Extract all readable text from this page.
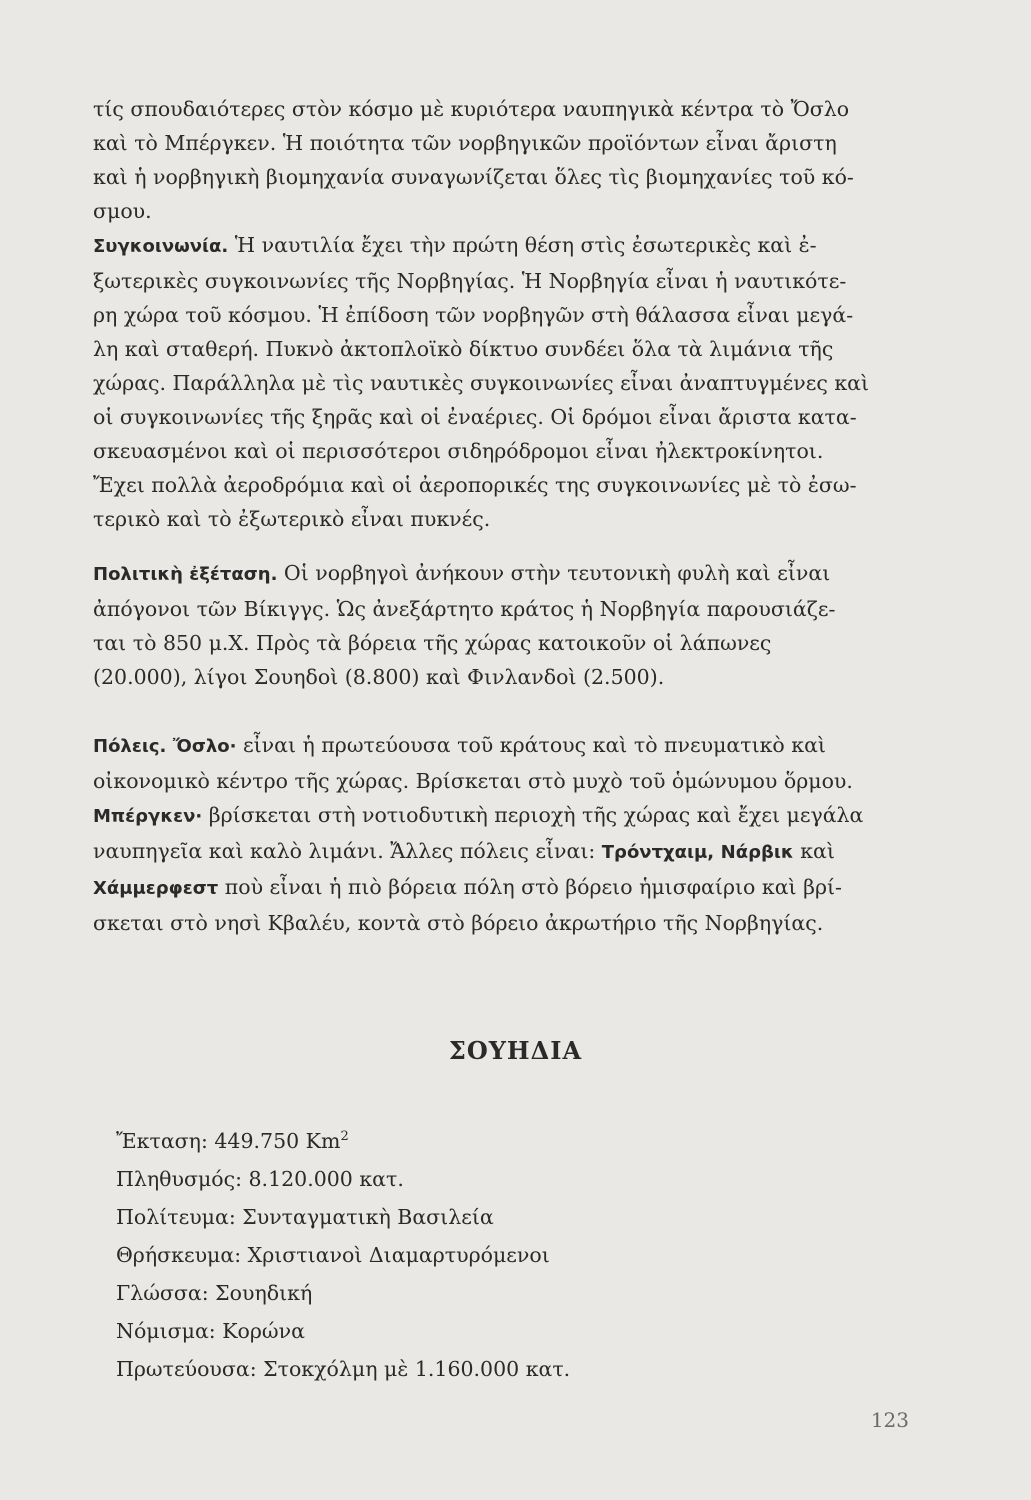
τίς σπουδαιότερες στὸν κόσμο μὲ κυριότερα ναυπηγικὰ κέντρα τὸ Ὄσλο
καὶ τὸ Μπέργκεν. Ἡ ποιότητα τῶν νορβηγικῶν προϊόντων εἶναι ἄριστη
καὶ ἡ νορβηγικὴ βιομηχανία συναγωνίζεται ὅλες τὶς βιομηχανίες τοῦ κό-
σμου.

Συγκοινωνία. Ἡ ναυτιλία ἔχει τὴν πρώτη θέση στὶς ἐσωτερικὲς καὶ ἐ-
ξωτερικὲς συγκοινωνίες τῆς Νορβηγίας. Ἡ Νορβηγία εἶναι ἡ ναυτικότε-
ρη χώρα τοῦ κόσμου. Ἡ ἐπίδοση τῶν νορβηγῶν στὴ θάλασσα εἶναι μεγά-
λη καὶ σταθερή. Πυκνὸ ἀκτοπλοϊκὸ δίκτυο συνδέει ὅλα τὰ λιμάνια τῆς
χώρας. Παράλληλα μὲ τὶς ναυτικὲς συγκοινωνίες εἶναι ἀναπτυγμένες καὶ
οἱ συγκοινωνίες τῆς ξηρᾶς καὶ οἱ ἐναέριες. Οἱ δρόμοι εἶναι ἄριστα κατα-
σκευασμένοι καὶ οἱ περισσότεροι σιδηρόδρομοι εἶναι ἠλεκτροκίνητοι.
Ἔχει πολλὰ ἀεροδρόμια καὶ οἱ ἀεροπορικές της συγκοινωνίες μὲ τὸ ἐσω-
τερικὸ καὶ τὸ ἐξωτερικὸ εἶναι πυκνές.

Πολιτικὴ ἐξέταση. Οἱ νορβηγοὶ ἀνήκουν στὴν τευτονικὴ φυλὴ καὶ εἶναι
ἀπόγονοι τῶν Βίκιγγς. Ὡς ἀνεξάρτητο κράτος ἡ Νορβηγία παρουσιάζε-
ται τὸ 850 μ.Χ. Πρὸς τὰ βόρεια τῆς χώρας κατοικοῦν οἱ λάπωνες
(20.000), λίγοι Σουηδοὶ (8.800) καὶ Φινλανδοὶ (2.500).

Πόλεις. Ὄσλο· εἶναι ἡ πρωτεύουσα τοῦ κράτους καὶ τὸ πνευματικὸ καὶ
οἰκονομικὸ κέντρο τῆς χώρας. Βρίσκεται στὸ μυχὸ τοῦ ὁμώνυμου ὅρμου.
Μπέργκεν· βρίσκεται στὴ νοτιοδυτικὴ περιοχὴ τῆς χώρας καὶ ἔχει μεγάλα
ναυπηγεῖα καὶ καλὸ λιμάνι. Ἄλλες πόλεις εἶναι: Τρόντχαιμ, Νάρβικ καὶ
Χάμμερφεστ ποὺ εἶναι ἡ πιὸ βόρεια πόλη στὸ βόρειο ἡμισφαίριο καὶ βρί-
σκεται στὸ νησὶ Κβαλέυ, κοντὰ στὸ βόρειο ἀκρωτήριο τῆς Νορβηγίας.

ΣΟΥΗΔΙΑ
Ἔκταση: 449.750 Km$^2$
Πληθυσμός: 8.120.000 κατ.
Πολίτευμα: Συνταγματικὴ Βασιλεία
Θρήσκευμα: Χριστιανοὶ Διαμαρτυρόμενοι
Γλώσσα: Σουηδική
Νόμισμα: Κορώνα
Πρωτεύουσα: Στοκχόλμη μὲ 1.160.000 κατ.
123
